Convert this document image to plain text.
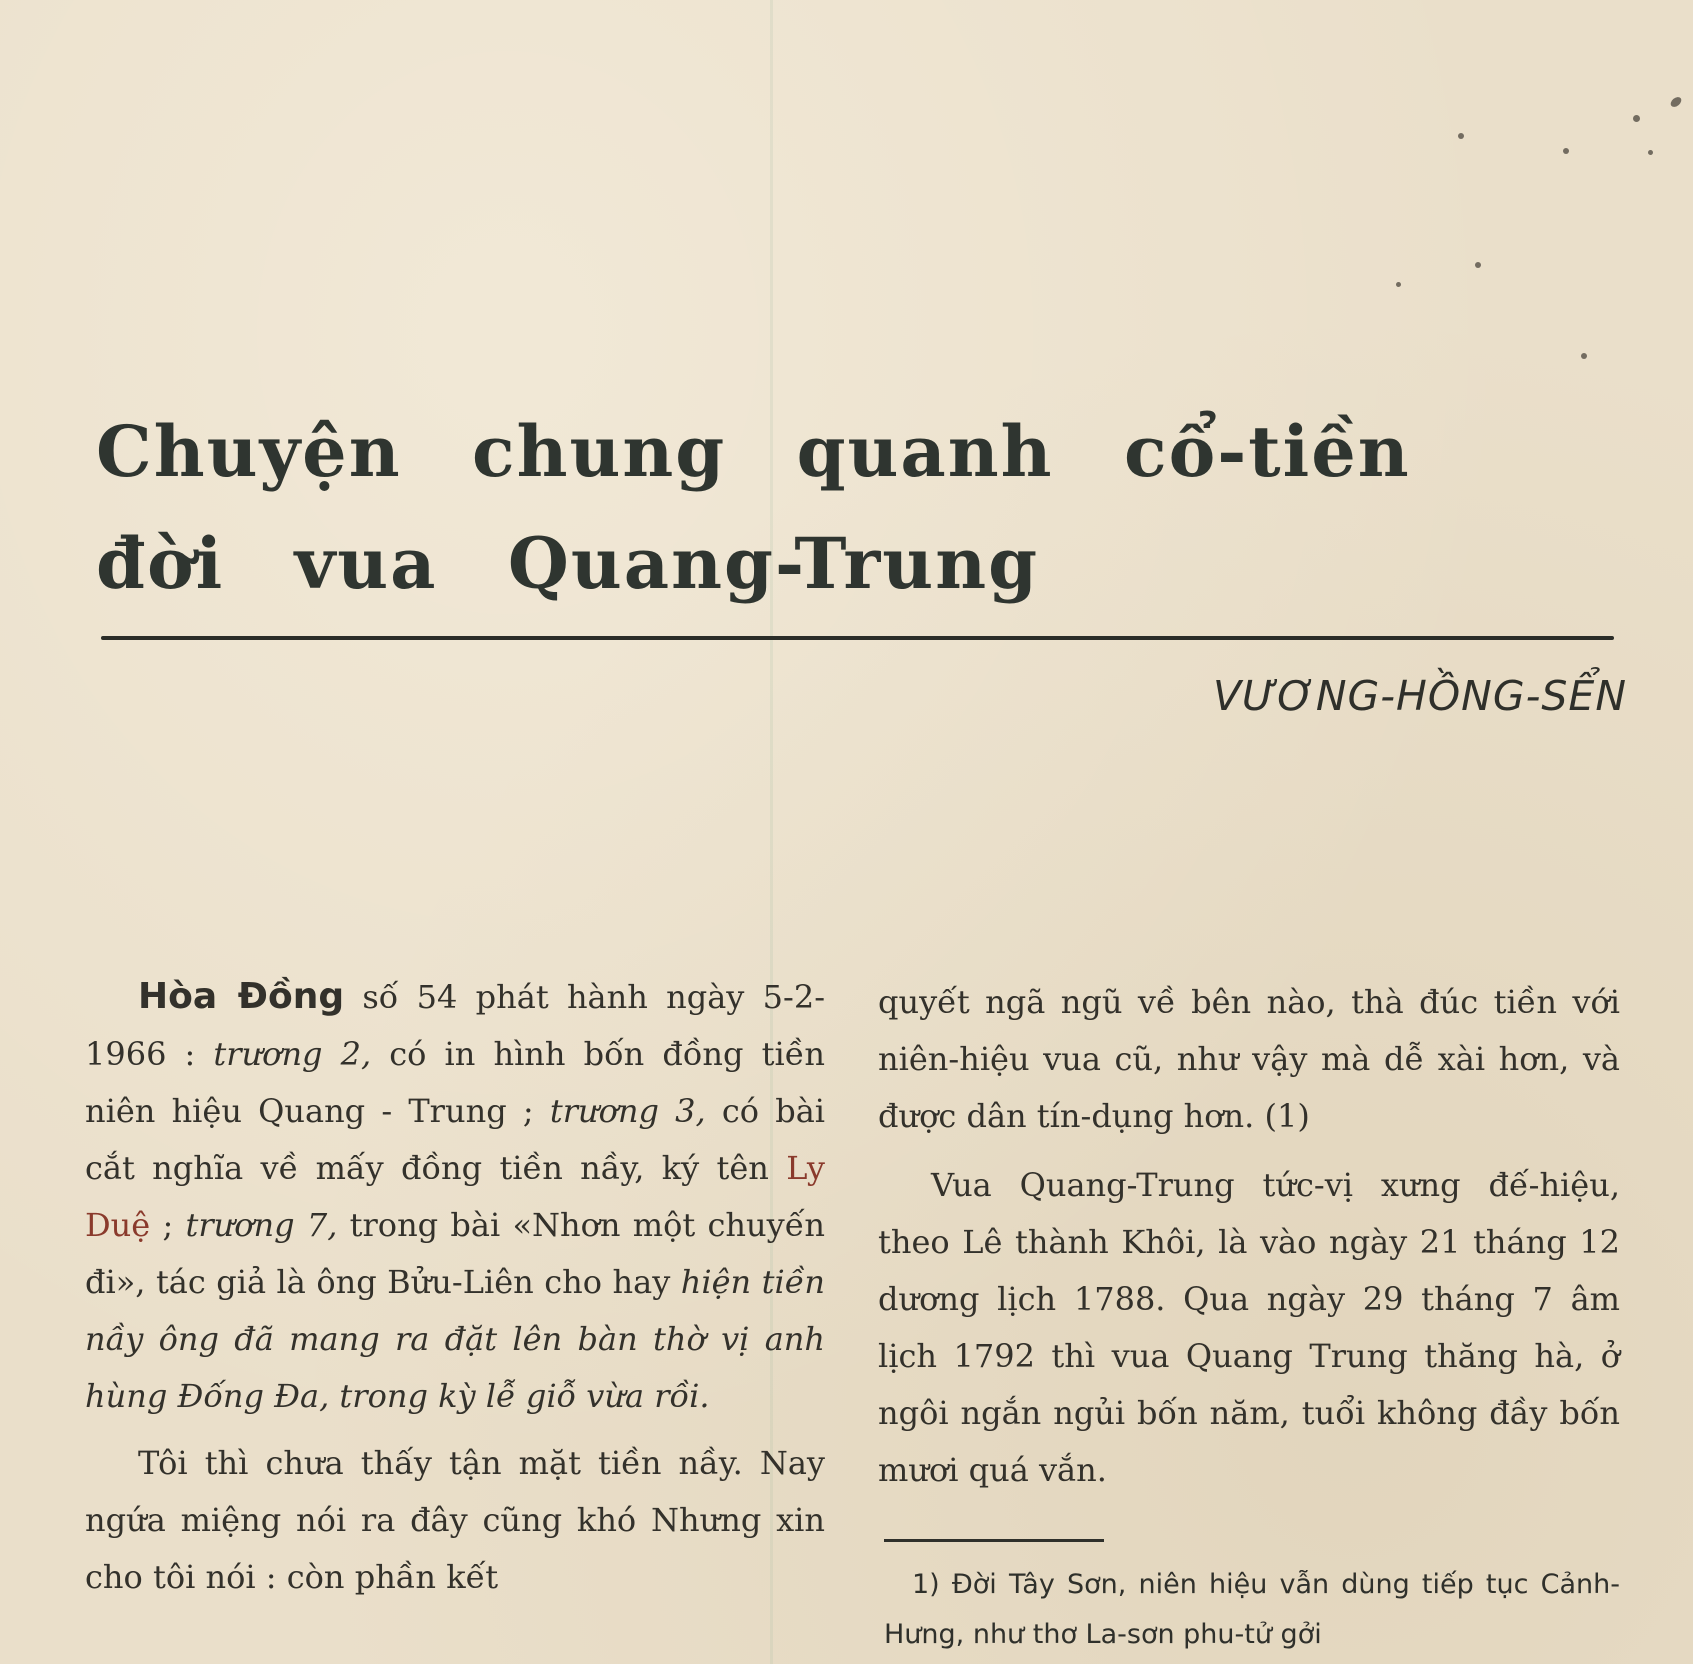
Chuyện chung quanh cổ-tiền
đời vua Quang-Trung
VƯƠNG-HỒNG-SỂN

Hòa Đồng số 54 phát hành ngày 5-2-1966 : trương 2, có in hình bốn đồng tiền niên hiệu Quang - Trung ; trương 3, có bài cắt nghĩa về mấy đồng tiền nầy, ký tên Ly Duệ ; trương 7, trong bài «Nhơn một chuyến đi», tác giả là ông Bửu-Liên cho hay hiện tiền nầy ông đã mang ra đặt lên bàn thờ vị anh hùng Đống Đa, trong kỳ lễ giỗ vừa rồi.

Tôi thì chưa thấy tận mặt tiền nầy. Nay ngứa miệng nói ra đây cũng khó Nhưng xin cho tôi nói : còn phần kết

quyết ngã ngũ về bên nào, thà đúc tiền với niên-hiệu vua cũ, như vậy mà dễ xài hơn, và được dân tín-dụng hơn. (1)

Vua Quang-Trung tức-vị xưng đế-hiệu, theo Lê thành Khôi, là vào ngày 21 tháng 12 dương lịch 1788. Qua ngày 29 tháng 7 âm lịch 1792 thì vua Quang Trung thăng hà, ở ngôi ngắn ngủi bốn năm, tuổi không đầy bốn mươi quá vắn.

1) Đời Tây Sơn, niên hiệu vẫn dùng tiếp tục Cảnh-Hưng, như thơ La-sơn phu-tử gởi
